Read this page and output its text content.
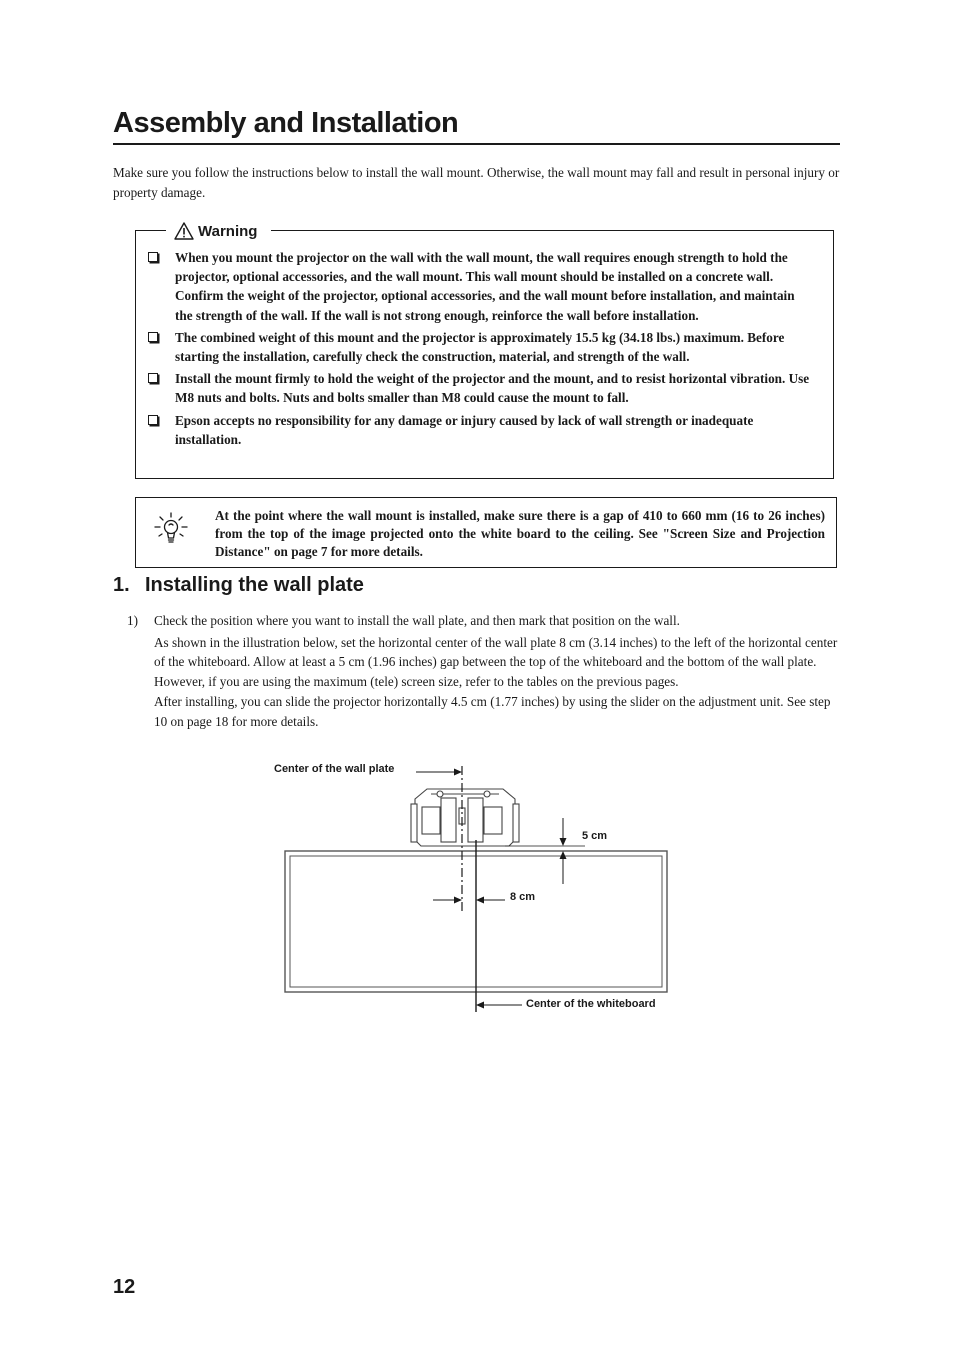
Assembly and Installation

Make sure you follow the instructions below to install the wall mount. Otherwise, the wall mount may fall and result in personal injury or property damage.

Warning
When you mount the projector on the wall with the wall mount, the wall requires enough strength to hold the projector, optional accessories, and the wall mount. This wall mount should be installed on a concrete wall. Confirm the weight of the projector, optional accessories, and the wall mount before installation, and maintain the strength of the wall. If the wall is not strong enough, reinforce the wall before installation.
The combined weight of this mount and the projector is approximately 15.5 kg (34.18 lbs.) maximum. Before starting the installation, carefully check the construction, material, and strength of the wall.
Install the mount firmly to hold the weight of the projector and the mount, and to resist horizontal vibration. Use M8 nuts and bolts. Nuts and bolts smaller than M8 could cause the mount to fall.
Epson accepts no responsibility for any damage or injury caused by lack of wall strength or inadequate installation.

At the point where the wall mount is installed, make sure there is a gap of 410 to 660 mm (16 to 26 inches) from the top of the image projected onto the white board to the ceiling. See "Screen Size and Projection Distance" on page 7 for more details.

1. Installing the wall plate
1) Check the position where you want to install the wall plate, and then mark that position on the wall.

As shown in the illustration below, set the horizontal center of the wall plate 8 cm (3.14 inches) to the left of the horizontal center of the whiteboard. Allow at least a 5 cm (1.96 inches) gap between the top of the whiteboard and the bottom of the wall plate. However, if you are using the maximum (tele) screen size, refer to the tables on the previous pages.

After installing, you can slide the projector horizontally 4.5 cm (1.77 inches) by using the slider on the adjustment unit. See step 10 on page 18 for more details.

Center of the wall plate
5 cm
8 cm
Center of the whiteboard
12
